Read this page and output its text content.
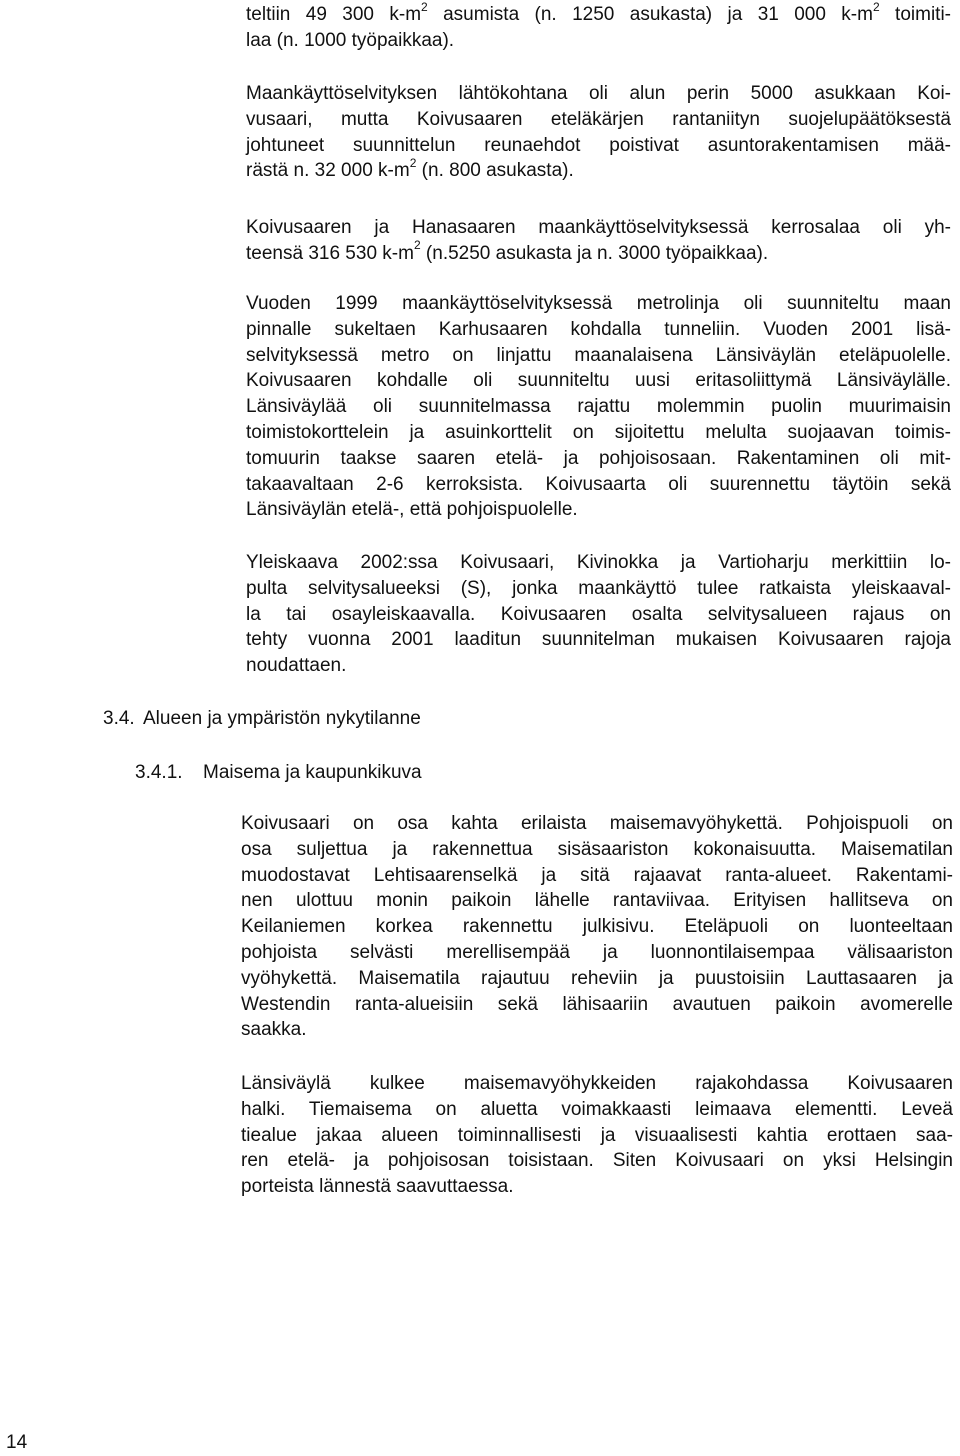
teltiin 49 300 $k-m^2$ asumista (n. 1250 asukasta) ja 31 000 $k-m^2$ toimiti-
laa (n. 1000 työpaikkaa).
Maankäyttöselvityksen lähtökohtana oli alun perin 5000 asukkaan Koi-
vusaari, mutta Koivusaaren eteläkärjen rantaniityn suojelupäätöksestä
johtuneet suunnittelun reunaehdot poistivat asuntorakentamisen mää-
rästä n. 32 000 $k-m^2$ (n. 800 asukasta).
Koivusaaren ja Hanasaaren maankäyttöselvityksessä kerrosalaa oli yh-
teensä 316 530 $k-m^2$ (n.5250 asukasta ja n. 3000 työpaikkaa).
Vuoden 1999 maankäyttöselvityksessä metrolinja oli suunniteltu maan
pinnalle sukeltaen Karhusaaren kohdalla tunneliin. Vuoden 2001 lisä-
selvityksessä metro on linjattu maanalaisena Länsiväylän eteläpuolelle.
Koivusaaren kohdalle oli suunniteltu uusi eritasoliittymä Länsiväylälle.
Länsiväylää oli suunnitelmassa rajattu molemmin puolin muurimaisin
toimistokorttelein ja asuinkorttelit on sijoitettu melulta suojaavan toimis-
tomuurin taakse saaren etelä- ja pohjoisosaan. Rakentaminen oli mit-
takaavaltaan 2-6 kerroksista. Koivusaarta oli suurennettu täytöin sekä
Länsiväylän etelä-, että pohjoispuolelle.
Yleiskaava 2002:ssa Koivusaari, Kivinokka ja Vartioharju merkittiin lo-
pulta selvitysalueeksi (S), jonka maankäyttö tulee ratkaista yleiskaaval-
la tai osayleiskaavalla. Koivusaaren osalta selvitysalueen rajaus on
tehty vuonna 2001 laaditun suunnitelman mukaisen Koivusaaren rajoja
noudattaen.
3.4. Alueen ja ympäristön nykytilanne
3.4.1. Maisema ja kaupunkikuva
Koivusaari on osa kahta erilaista maisemavyöhykettä. Pohjoispuoli on
osa suljettua ja rakennettua sisäsaariston kokonaisuutta. Maisematilan
muodostavat Lehtisaarenselkä ja sitä rajaavat ranta-alueet. Rakentami-
nen ulottuu monin paikoin lähelle rantaviivaa. Erityisen hallitseva on
Keilaniemen korkea rakennettu julkisivu. Eteläpuoli on luonteeltaan
pohjoista selvästi merellisempää ja luonnontilaisempaa välisaariston
vyöhykettä. Maisematila rajautuu reheviin ja puustoisiin Lauttasaaren ja
Westendin ranta-alueisiin sekä lähisaariin avautuen paikoin avomerelle
saakka.
Länsiväylä kulkee maisemavyöhykkeiden rajakohdassa Koivusaaren
halki. Tiemaisema on aluetta voimakkaasti leimaava elementti. Leveä
tiealue jakaa alueen toiminnallisesti ja visuaalisesti kahtia erottaen saa-
ren etelä- ja pohjoisosan toisistaan. Siten Koivusaari on yksi Helsingin
porteista lännestä saavuttaessa.
14
